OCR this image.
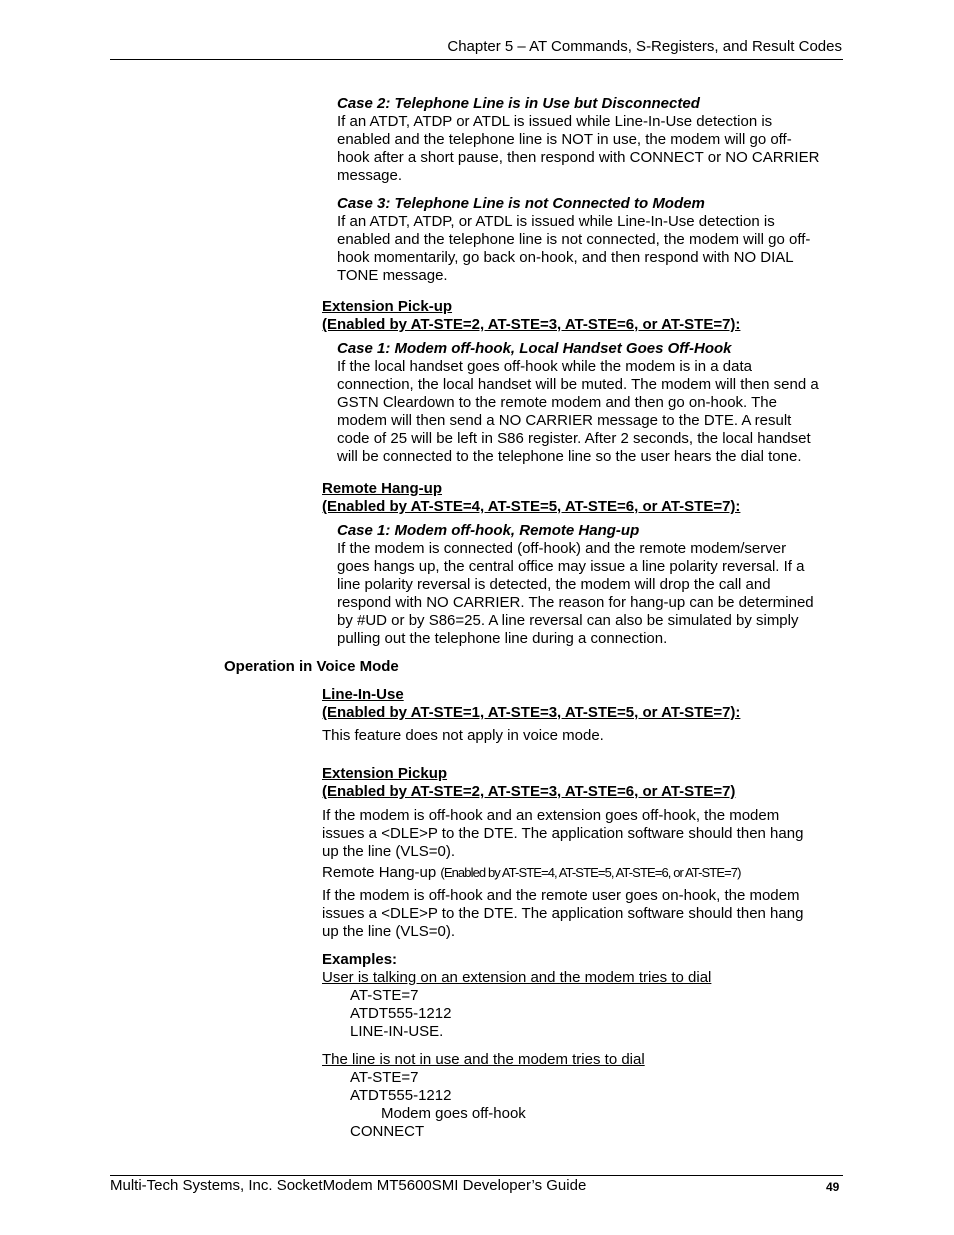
Chapter 5 – AT Commands, S-Registers, and Result Codes
Case 2: Telephone Line is in Use but Disconnected
If an ATDT, ATDP or ATDL is issued while Line-In-Use detection is
enabled and the telephone line is NOT in use, the modem will go off-
hook after a short pause, then respond with CONNECT or NO CARRIER
message.
Case 3: Telephone Line is not Connected to Modem
If an ATDT, ATDP, or ATDL is issued while Line-In-Use detection is
enabled and the telephone line is not connected, the modem will go off-
hook momentarily, go back on-hook, and then respond with NO DIAL
TONE message.
Extension Pick-up
(Enabled by AT-STE=2, AT-STE=3, AT-STE=6, or AT-STE=7):
Case 1: Modem off-hook, Local Handset Goes Off-Hook
If the local handset goes off-hook while the modem is in a data
connection, the local handset will be muted. The modem will then send a
GSTN Cleardown to the remote modem and then go on-hook. The
modem will then send a NO CARRIER message to the DTE. A result
code of 25 will be left in S86 register. After 2 seconds, the local handset
will be connected to the telephone line so the user hears the dial tone.
Remote Hang-up
(Enabled by AT-STE=4, AT-STE=5, AT-STE=6, or AT-STE=7):
Case 1: Modem off-hook, Remote Hang-up
If the modem is connected (off-hook) and the remote modem/server
goes hangs up, the central office may issue a line polarity reversal. If a
line polarity reversal is detected, the modem will drop the call and
respond with NO CARRIER. The reason for hang-up can be determined
by #UD or by S86=25. A line reversal can also be simulated by simply
pulling out the telephone line during a connection.
Operation in Voice Mode
Line-In-Use
(Enabled by AT-STE=1, AT-STE=3, AT-STE=5, or AT-STE=7):
This feature does not apply in voice mode.
Extension Pickup
(Enabled by AT-STE=2, AT-STE=3, AT-STE=6, or AT-STE=7)
If the modem is off-hook and an extension goes off-hook, the modem
issues a <DLE>P to the DTE. The application software should then hang
up the line (VLS=0).
Remote Hang-up (Enabled by AT-STE=4, AT-STE=5, AT-STE=6, or AT-STE=7)
If the modem is off-hook and the remote user goes on-hook, the modem
issues a <DLE>P to the DTE. The application software should then hang
up the line (VLS=0).
Examples:
User is talking on an extension and the modem tries to dial
AT-STE=7
ATDT555-1212
LINE-IN-USE.
The line is not in use and the modem tries to dial
AT-STE=7
ATDT555-1212
Modem goes off-hook
CONNECT
Multi-Tech Systems, Inc. SocketModem MT5600SMI Developer’s Guide	49
